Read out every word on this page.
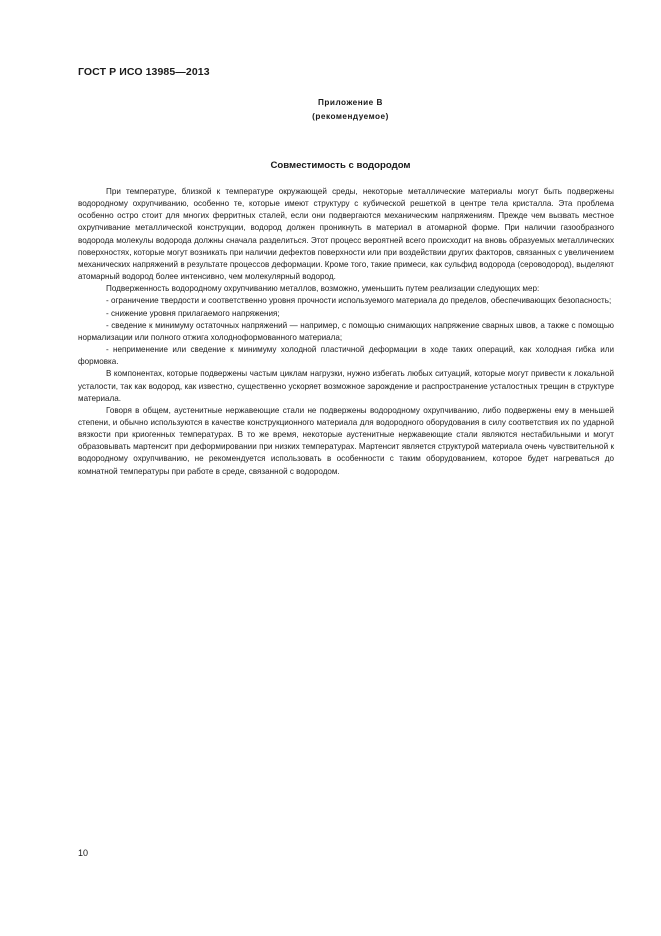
ГОСТ Р ИСО 13985—2013
Приложение В
(рекомендуемое)
Совместимость с водородом

При температуре, близкой к температуре окружающей среды, некоторые металлические материалы могут быть подвержены водородному охрупчиванию, особенно те, которые имеют структуру с кубической решеткой в центре тела кристалла. Эта проблема особенно остро стоит для многих ферритных сталей, если они подвергаются механическим напряжениям. Прежде чем вызвать местное охрупчивание металлической конструкции, водород должен проникнуть в материал в атомарной форме. При наличии газообразного водорода молекулы водорода должны сначала разделиться. Этот процесс вероятней всего происходит на вновь образуемых металлических поверхностях, которые могут возникать при наличии дефектов поверхности или при воздействии других факторов, связанных с увеличением механических напряжений в результате процессов деформации. Кроме того, такие примеси, как сульфид водорода (сероводород), выделяют атомарный водород более интенсивно, чем молекулярный водород.

Подверженность водородному охрупчиванию металлов, возможно, уменьшить путем реализации следующих мер:

- ограничение твердости и соответственно уровня прочности используемого материала до пределов, обеспечивающих безопасность;

- снижение уровня прилагаемого напряжения;

- сведение к минимуму остаточных напряжений — например, с помощью снимающих напряжение сварных швов, а также с помощью нормализации или полного отжига холоднoформованного материала;

- неприменение или сведение к минимуму холодной пластичной деформации в ходе таких операций, как холодная гибка или формовка.

В компонентах, которые подвержены частым циклам нагрузки, нужно избегать любых ситуаций, которые могут привести к локальной усталости, так как водород, как известно, существенно ускоряет возможное зарождение и распространение усталостных трещин в структуре материала.

Говоря в общем, аустенитные нержавеющие стали не подвержены водородному охрупчиванию, либо подвержены ему в меньшей степени, и обычно используются в качестве конструкционного материала для водородного оборудования в силу соответствия их по ударной вязкости при криогенных температурах. В то же время, некоторые аустенитные нержавеющие стали являются нестабильными и могут образовывать мартенсит при деформировании при низких температурах. Мартенсит является структурой материала очень чувствительной к водородному охрупчиванию, не рекомендуется использовать в особенности с таким оборудованием, которое будет нагреваться до комнатной температуры при работе в среде, связанной с водородом.

10
